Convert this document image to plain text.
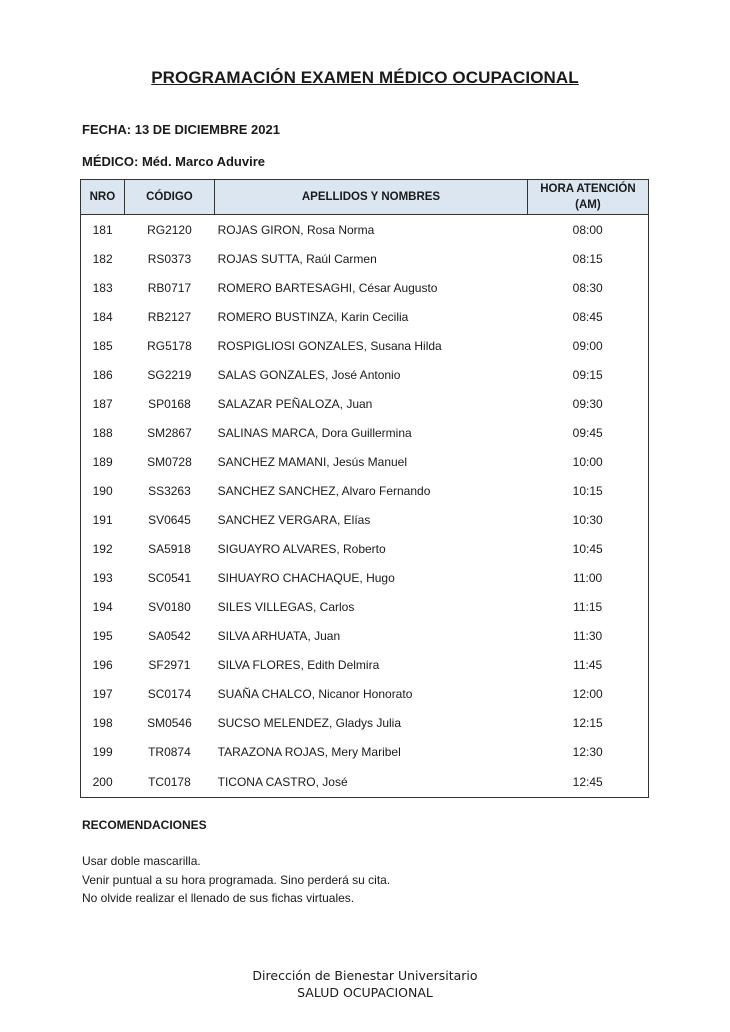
PROGRAMACIÓN EXAMEN MÉDICO OCUPACIONAL
FECHA: 13 DE DICIEMBRE 2021
MÉDICO: Méd. Marco Aduvire
NRO	CÓDIGO	APELLIDOS Y NOMBRES	HORA ATENCIÓN
(AM)

181	RG2120	ROJAS GIRON, Rosa Norma	08:00
182	RS0373	ROJAS SUTTA, Raúl Carmen	08:15
183	RB0717	ROMERO BARTESAGHI, César Augusto	08:30
184	RB2127	ROMERO BUSTINZA, Karin Cecilia	08:45
185	RG5178	ROSPIGLIOSI GONZALES, Susana Hilda	09:00
186	SG2219	SALAS GONZALES, José Antonio	09:15
187	SP0168	SALAZAR PEÑALOZA, Juan	09:30
188	SM2867	SALINAS MARCA, Dora Guillermina	09:45
189	SM0728	SANCHEZ MAMANI, Jesús Manuel	10:00
190	SS3263	SANCHEZ SANCHEZ, Alvaro Fernando	10:15
191	SV0645	SANCHEZ VERGARA, Elías	10:30
192	SA5918	SIGUAYRO ALVARES, Roberto	10:45
193	SC0541	SIHUAYRO CHACHAQUE, Hugo	11:00
194	SV0180	SILES VILLEGAS, Carlos	11:15
195	SA0542	SILVA ARHUATA, Juan	11:30
196	SF2971	SILVA FLORES, Edith Delmira	11:45
197	SC0174	SUAÑA CHALCO, Nicanor Honorato	12:00
198	SM0546	SUCSO MELENDEZ, Gladys Julia	12:15
199	TR0874	TARAZONA ROJAS, Mery Maribel	12:30
200	TC0178	TICONA CASTRO, José	12:45
RECOMENDACIONES
Usar doble mascarilla.
Venir puntual a su hora programada. Sino perderá su cita.
No olvide realizar el llenado de sus fichas virtuales.
Dirección de Bienestar Universitario
SALUD OCUPACIONAL
